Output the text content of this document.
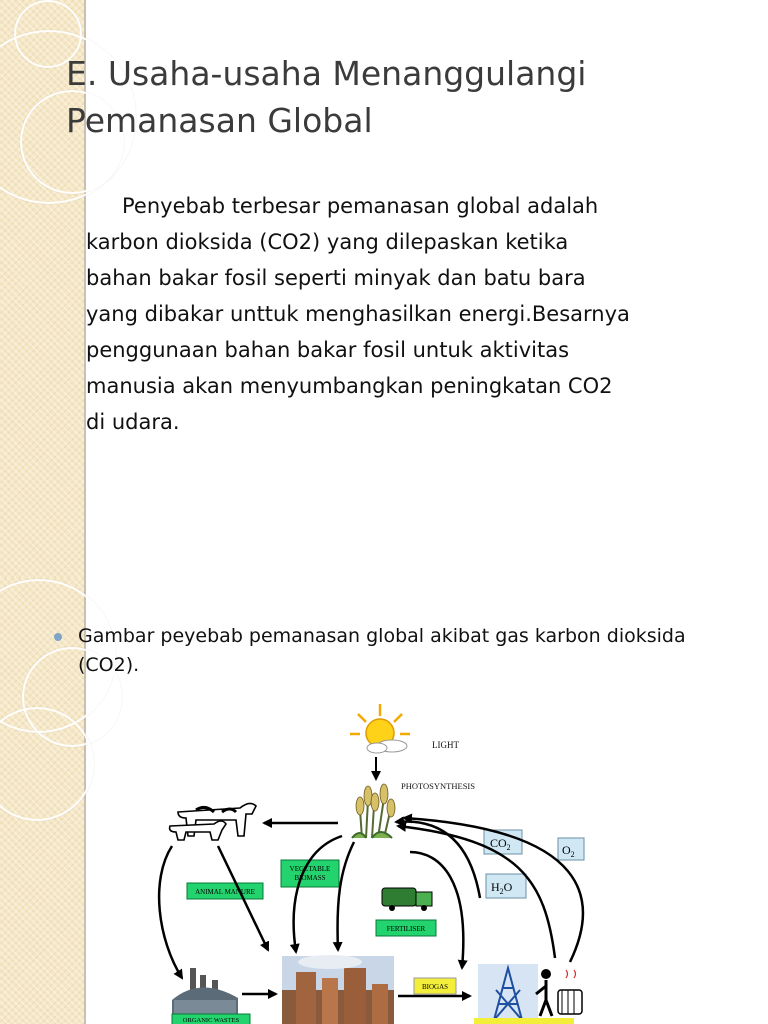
E. Usaha-usaha Menanggulangi
Pemanasan Global

Penyebab terbesar pemanasan global adalah
karbon dioksida (CO2) yang dilepaskan ketika
bahan bakar fosil seperti minyak dan batu bara
yang dibakar unttuk menghasilkan energi.Besarnya
penggunaan bahan bakar fosil untuk aktivitas
manusia akan menyumbangkan peningkatan CO2
di udara.

Gambar peyebab pemanasan global akibat gas karbon dioksida
(CO2).
LIGHT
PHOTOSYNTHESIS
VEGETABLE
BIOMASS
ANIMAL MANURE
FERTILISER
$CO_2$	$O_2$
$H_2O$
ORGANIC WASTES
BIOGAS
